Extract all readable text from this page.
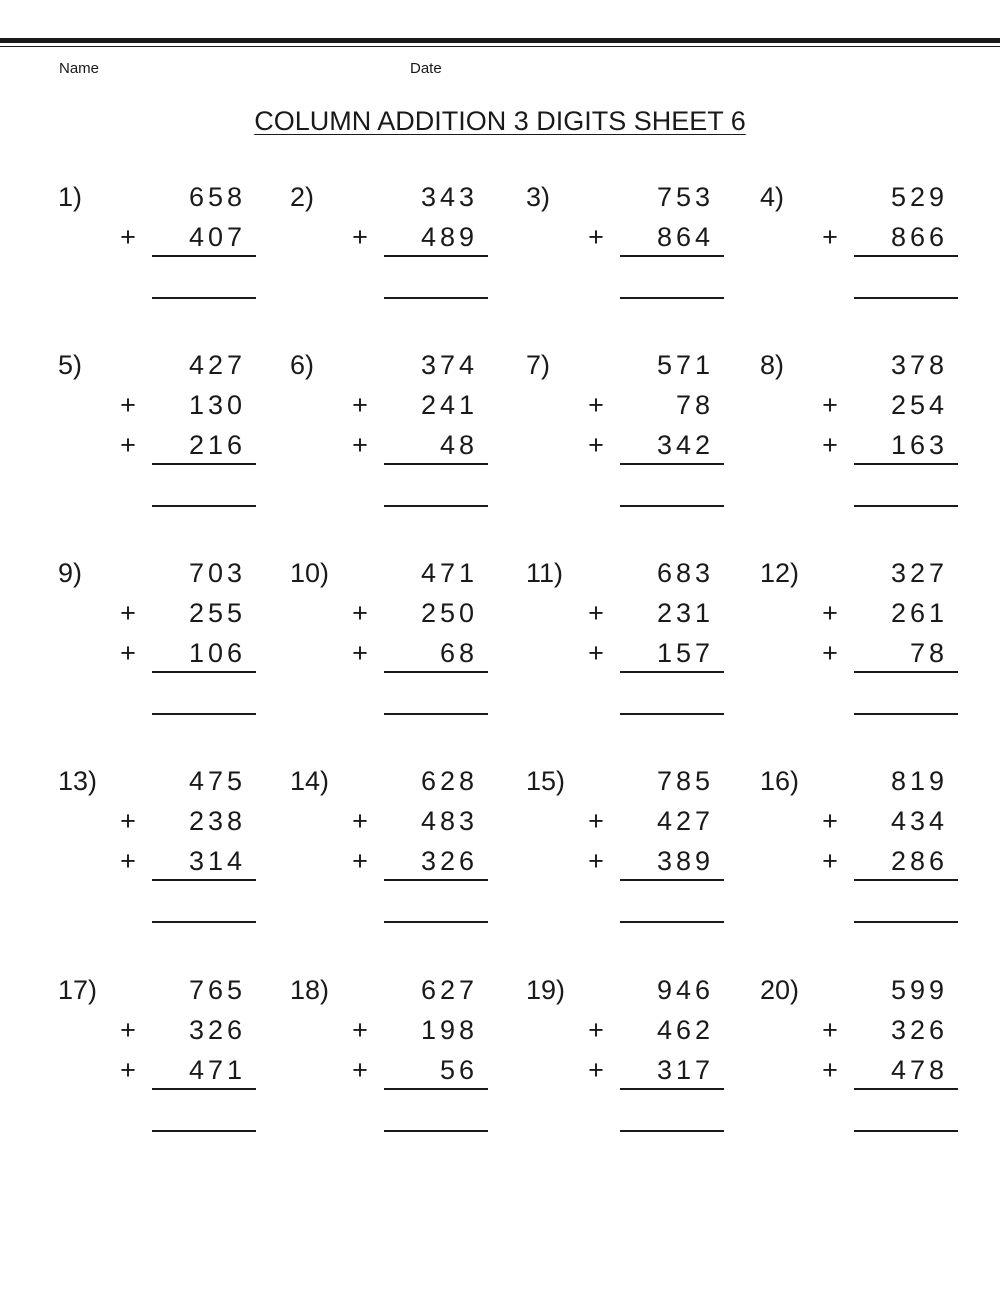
Name	Date
COLUMN ADDITION 3 DIGITS SHEET 6
1)	658
+ 407
2)	343
+ 489
3)	753
+ 864
4)	529
+ 866
5)	427
+ 130
+ 216
6)	374
+ 241
+	48
7)	571
+	78
+ 342
8)	378
+ 254
+ 163
9)	703
+ 255
+ 106
10)	471
+ 250
+	68
11)	683
+ 231
+ 157
12)	327
+ 261
+	78
13)	475
+ 238
+ 314
14)	628
+ 483
+ 326
15)	785
+ 427
+ 389
16)	819
+ 434
+ 286
17)	765
+ 326
+ 471
18)	627
+ 198
+	56
19)	946
+ 462
+ 317
20)	599
+ 326
+ 478
